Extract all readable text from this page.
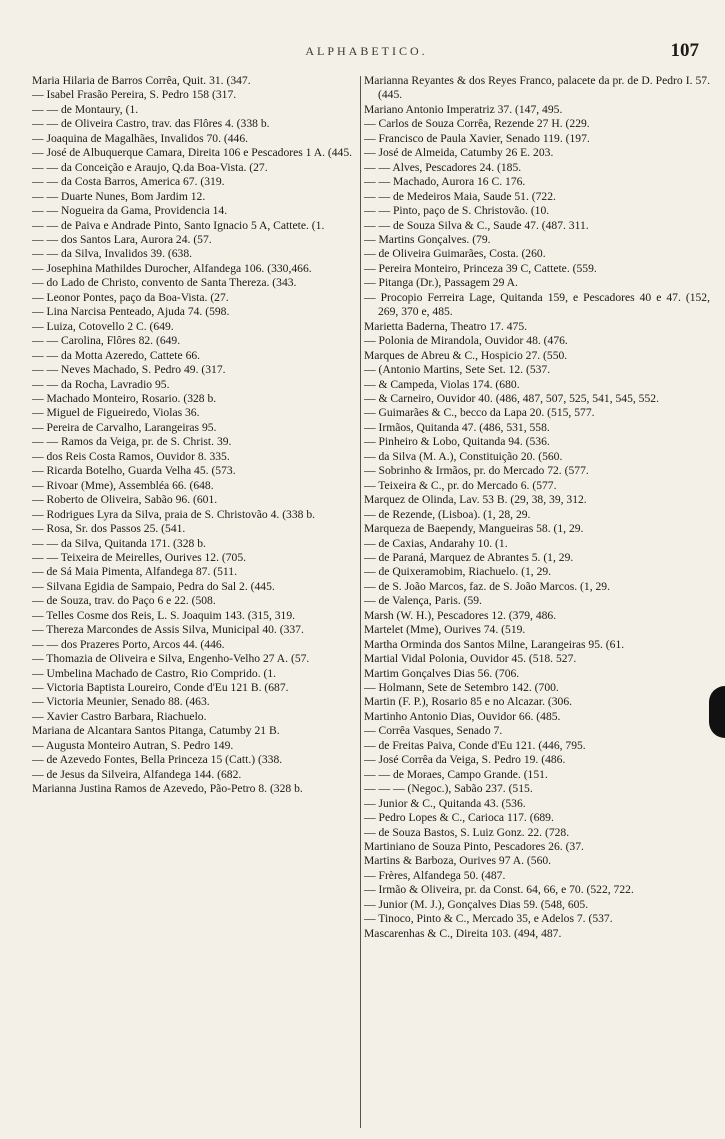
ALPHABETICO.	107
Maria Hilaria de Barros Corrêa, Quit. 31. (347.
— Isabel Frasão Pereira, S. Pedro 158 (317.
— — de Montaury, (1.
— — de Oliveira Castro, trav. das Flôres 4. (338 b.
— Joaquina de Magalhães, Invalidos 70. (446.
— José de Albuquerque Camara, Direita 106 e Pescadores 1 A. (445.
— — da Conceição e Araujo, Q.da Boa-Vista. (27.
— — da Costa Barros, America 67. (319.
— — Duarte Nunes, Bom Jardim 12.
— — Nogueira da Gama, Providencia 14.
— — de Paiva e Andrade Pinto, Santo Ignacio 5 A, Cattete. (1.
— — dos Santos Lara, Aurora 24. (57.
— — da Silva, Invalidos 39. (638.
— Josephina Mathildes Durocher, Alfandega 106. (330,466.
— do Lado de Christo, convento de Santa Thereza. (343.
— Leonor Pontes, paço da Boa-Vista. (27.
— Lina Narcisa Penteado, Ajuda 74. (598.
— Luiza, Cotovello 2 C. (649.
— — Carolina, Flôres 82. (649.
— — da Motta Azeredo, Cattete 66.
— — Neves Machado, S. Pedro 49. (317.
— — da Rocha, Lavradio 95.
— Machado Monteiro, Rosario. (328 b.
— Miguel de Figueiredo, Violas 36.
— Pereira de Carvalho, Larangeiras 95.
— — Ramos da Veiga, pr. de S. Christ. 39.
— dos Reis Costa Ramos, Ouvidor 8. 335.
— Ricarda Botelho, Guarda Velha 45. (573.
— Rivoar (Mme), Assembléa 66. (648.
— Roberto de Oliveira, Sabão 96. (601.
— Rodrigues Lyra da Silva, praia de S. Christovão 4. (338 b.
— Rosa, Sr. dos Passos 25. (541.
— — da Silva, Quitanda 171. (328 b.
— — Teixeira de Meirelles, Ourives 12. (705.
— de Sá Maia Pimenta, Alfandega 87. (511.
— Silvana Egidia de Sampaio, Pedra do Sal 2. (445.
— de Souza, trav. do Paço 6 e 22. (508.
— Telles Cosme dos Reis, L. S. Joaquim 143. (315, 319.
— Thereza Marcondes de Assis Silva, Municipal 40. (337.
— — dos Prazeres Porto, Arcos 44. (446.
— Thomazia de Oliveira e Silva, Engenho-Velho 27 A. (57.
— Umbelina Machado de Castro, Rio Comprido. (1.
— Victoria Baptista Loureiro, Conde d'Eu 121 B. (687.
— Victoria Meunier, Senado 88. (463.
— Xavier Castro Barbara, Riachuelo.
Mariana de Alcantara Santos Pitanga, Catumby 21 B.
— Augusta Monteiro Autran, S. Pedro 149.
— de Azevedo Fontes, Bella Princeza 15 (Catt.) (338.
— de Jesus da Silveira, Alfandega 144. (682.
Marianna Justina Ramos de Azevedo, Pão-Petro 8. (328 b.
Marianna Reyantes & dos Reyes Franco, palacete da pr. de D. Pedro I. 57. (445.
Mariano Antonio Imperatriz 37. (147, 495.
— Carlos de Souza Corrêa, Rezende 27 H. (229.
— Francisco de Paula Xavier, Senado 119. (197.
— José de Almeida, Catumby 26 E. 203.
— — Alves, Pescadores 24. (185.
— — Machado, Aurora 16 C. 176.
— — de Medeiros Maia, Saude 51. (722.
— — Pinto, paço de S. Christovão. (10.
— — de Souza Silva & C., Saude 47. (487. 311.
— Martins Gonçalves. (79.
— de Oliveira Guimarães, Costa. (260.
— Pereira Monteiro, Princeza 39 C, Cattete. (559.
— Pitanga (Dr.), Passagem 29 A.
— Procopio Ferreira Lage, Quitanda 159, e Pescadores 40 e 47. (152, 269, 370 e, 485.
Marietta Baderna, Theatro 17. 475.
— Polonia de Mirandola, Ouvidor 48. (476.
Marques de Abreu & C., Hospicio 27. (550.
— (Antonio Martins, Sete Set. 12. (537.
— & Campeda, Violas 174. (680.
— & Carneiro, Ouvidor 40. (486, 487, 507, 525, 541, 545, 552.
— Guimarães & C., becco da Lapa 20. (515, 577.
— Irmãos, Quitanda 47. (486, 531, 558.
— Pinheiro & Lobo, Quitanda 94. (536.
— da Silva (M. A.), Constituição 20. (560.
— Sobrinho & Irmãos, pr. do Mercado 72. (577.
— Teixeira & C., pr. do Mercado 6. (577.
Marquez de Olinda, Lav. 53 B. (29, 38, 39, 312.
— de Rezende, (Lisboa). (1, 28, 29.
Marqueza de Baependy, Mangueiras 58. (1, 29.
— de Caxias, Andarahy 10. (1.
— de Paraná, Marquez de Abrantes 5. (1, 29.
— de Quixeramobim, Riachuelo. (1, 29.
— de S. João Marcos, faz. de S. João Marcos. (1, 29.
— de Valença, Paris. (59.
Marsh (W. H.), Pescadores 12. (379, 486.
Martelet (Mme), Ourives 74. (519.
Martha Orminda dos Santos Milne, Larangeiras 95. (61.
Martial Vidal Polonia, Ouvidor 45. (518. 527.
Martim Gonçalves Dias 56. (706.
— Holmann, Sete de Setembro 142. (700.
Martin (F. P.), Rosario 85 e no Alcazar. (306.
Martinho Antonio Dias, Ouvidor 66. (485.
— Corrêa Vasques, Senado 7.
— de Freitas Paiva, Conde d'Eu 121. (446, 795.
— José Corrêa da Veiga, S. Pedro 19. (486.
— — de Moraes, Campo Grande. (151.
— — — (Negoc.), Sabão 237. (515.
— Junior & C., Quitanda 43. (536.
— Pedro Lopes & C., Carioca 117. (689.
— de Souza Bastos, S. Luiz Gonz. 22. (728.
Martiniano de Souza Pinto, Pescadores 26. (37.
Martins & Barboza, Ourives 97 A. (560.
— Frères, Alfandega 50. (487.
— Irmão & Oliveira, pr. da Const. 64, 66, e 70. (522, 722.
— Junior (M. J.), Gonçalves Dias 59. (548, 605.
— Tinoco, Pinto & C., Mercado 35, e Adelos 7. (537.
Mascarenhas & C., Direita 103. (494, 487.
